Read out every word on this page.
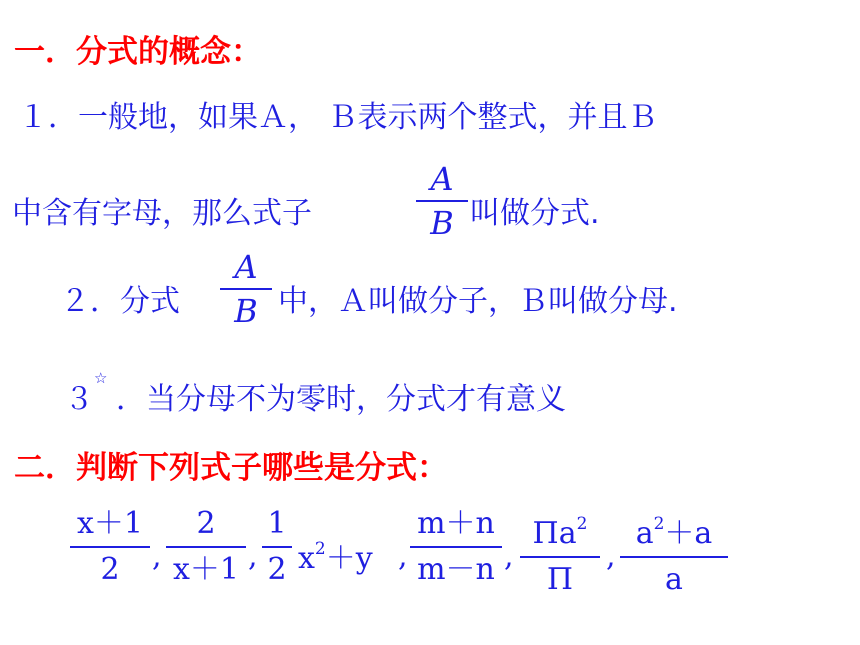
一．分式的概念：
１．一般地，如果Ａ， Ｂ表示两个整式，并且Ｂ
中含有字母，那么式子
A
B 叫做分式.
２．分式
A
B 中，Ａ叫做分子，Ｂ叫做分母.
３
☆
．当分母不为零时，分式才有意义
二．判断下列式子哪些是分式：
x＋1
2	,
2
x＋1 ,
1
2 $x^2+y$ ,
m＋n
m－n ,
$\Pi a^2$
Π
,
$a^2+a$
a
